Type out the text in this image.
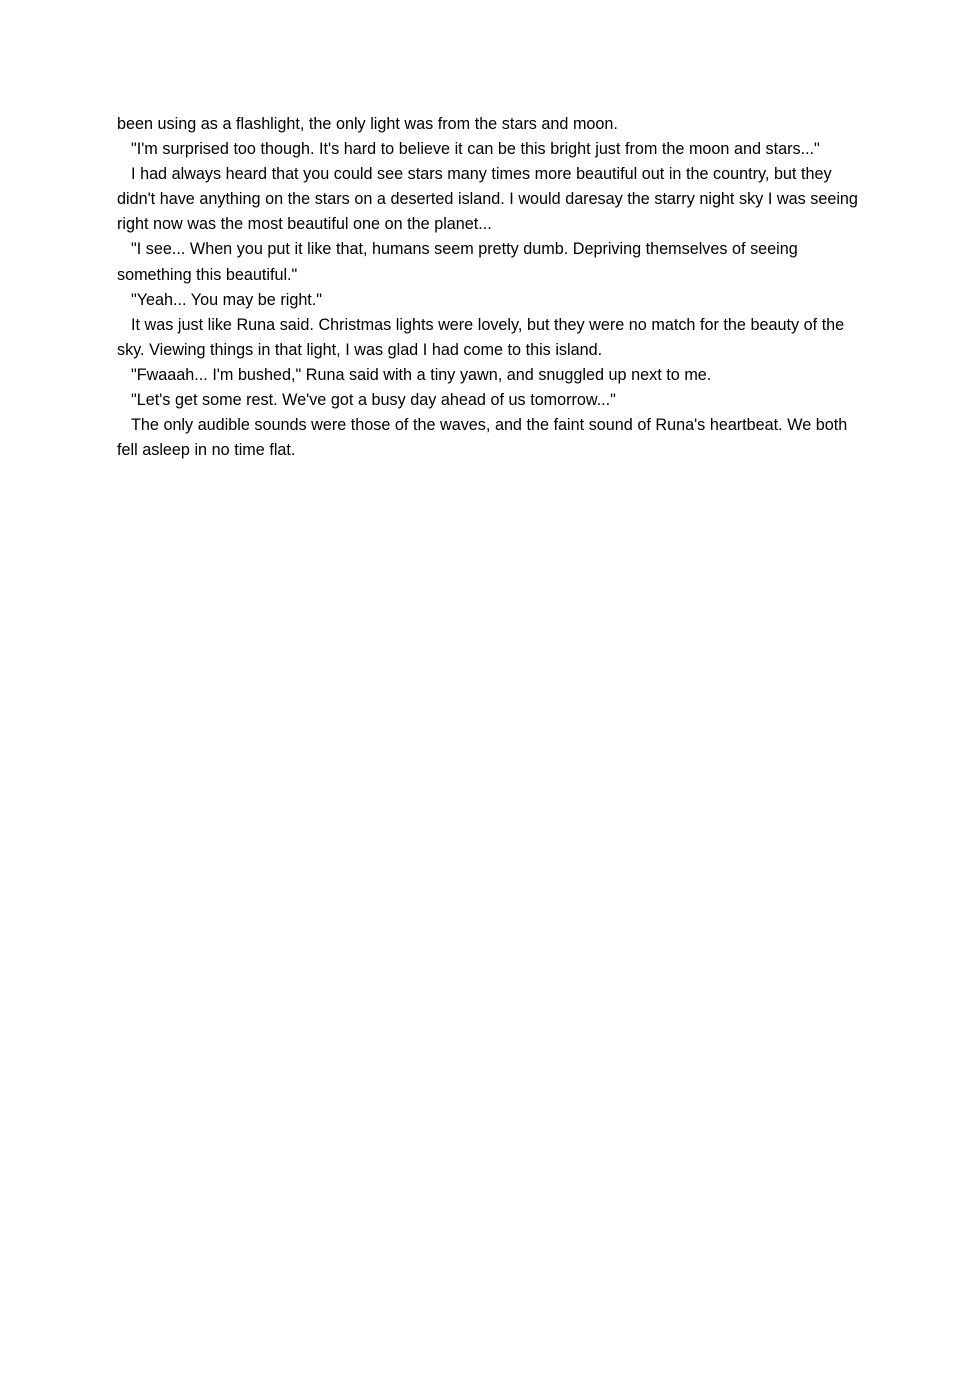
been using as a flashlight, the only light was from the stars and moon.

"I'm surprised too though. It's hard to believe it can be this bright just from the moon and stars..."

I had always heard that you could see stars many times more beautiful out in the country, but they didn't have anything on the stars on a deserted island. I would daresay the starry night sky I was seeing right now was the most beautiful one on the planet...

"I see... When you put it like that, humans seem pretty dumb. Depriving themselves of seeing something this beautiful."

"Yeah... You may be right."

It was just like Runa said. Christmas lights were lovely, but they were no match for the beauty of the sky. Viewing things in that light, I was glad I had come to this island.

"Fwaaah... I'm bushed," Runa said with a tiny yawn, and snuggled up next to me.

"Let's get some rest. We've got a busy day ahead of us tomorrow..."

The only audible sounds were those of the waves, and the faint sound of Runa's heartbeat. We both fell asleep in no time flat.
